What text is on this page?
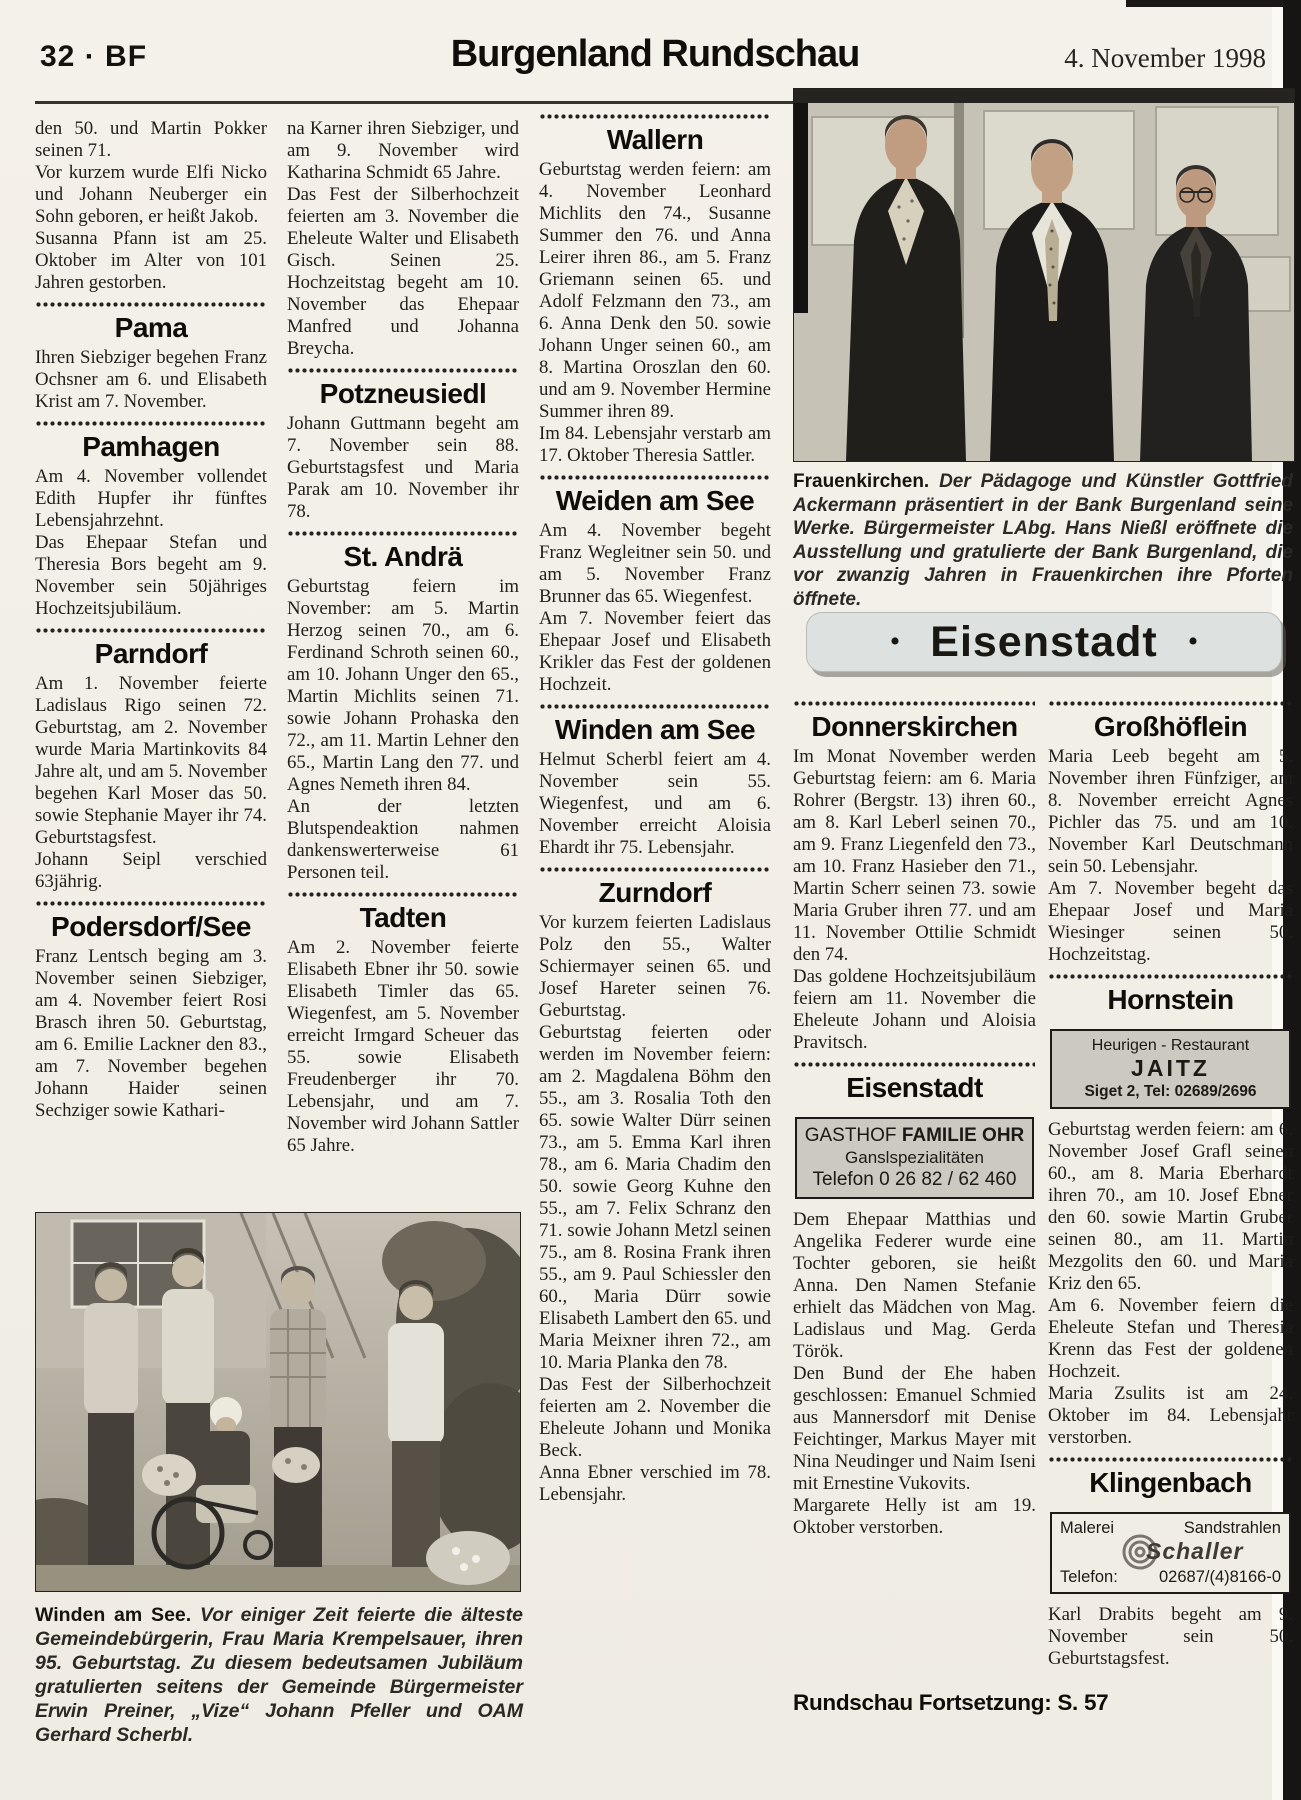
32 · BF	Burgenland Rundschau	4. November 1998

den 50. und Martin Pokker seinen 71.

Vor kurzem wurde Elfi Nicko und Johann Neuberger ein Sohn geboren, er heißt Jakob.

Susanna Pfann ist am 25. Oktober im Alter von 101 Jahren gestorben.

Pama

Ihren Siebziger begehen Franz Ochsner am 6. und Elisabeth Krist am 7. November.

Pamhagen

Am 4. November vollendet Edith Hupfer ihr fünftes Lebensjahrzehnt.

Das Ehepaar Stefan und Theresia Bors begeht am 9. November sein 50jähriges Hochzeitsjubiläum.

Parndorf

Am 1. November feierte Ladislaus Rigo seinen 72. Geburtstag, am 2. November wurde Maria Martinkovits 84 Jahre alt, und am 5. November begehen Karl Moser das 50. sowie Stephanie Mayer ihr 74. Geburtstagsfest.

Johann Seipl verschied 63jährig.

Podersdorf/See

Franz Lentsch beging am 3. November seinen Siebziger, am 4. November feiert Rosi Brasch ihren 50. Geburtstag, am 6. Emilie Lackner den 83., am 7. November begehen Johann Haider seinen Sechziger sowie Kathari-

na Karner ihren Siebziger, und am 9. November wird Katharina Schmidt 65 Jahre.

Das Fest der Silberhochzeit feierten am 3. November die Eheleute Walter und Elisabeth Gisch. Seinen 25. Hochzeitstag begeht am 10. November das Ehepaar Manfred und Johanna Breycha.

Potzneusiedl

Johann Guttmann begeht am 7. November sein 88. Geburtstagsfest und Maria Parak am 10. November ihr 78.

St. Andrä

Geburtstag feiern im November: am 5. Martin Herzog seinen 70., am 6. Ferdinand Schroth seinen 60., am 10. Johann Unger den 65., Martin Michlits seinen 71. sowie Johann Prohaska den 72., am 11. Martin Lehner den 65., Martin Lang den 77. und Agnes Nemeth ihren 84.

An der letzten Blutspendeaktion nahmen dankenswerterweise 61 Personen teil.

Tadten

Am 2. November feierte Elisabeth Ebner ihr 50. sowie Elisabeth Timler das 65. Wiegenfest, am 5. November erreicht Irmgard Scheuer das 55. sowie Elisabeth Freudenberger ihr 70. Lebensjahr, und am 7. November wird Johann Sattler 65 Jahre.

Wallern

Geburtstag werden feiern: am 4. November Leonhard Michlits den 74., Susanne Summer den 76. und Anna Leirer ihren 86., am 5. Franz Griemann seinen 65. und Adolf Felzmann den 73., am 6. Anna Denk den 50. sowie Johann Unger seinen 60., am 8. Martina Oroszlan den 60. und am 9. November Hermine Summer ihren 89.

Im 84. Lebensjahr verstarb am 17. Oktober Theresia Sattler.

Weiden am See

Am 4. November begeht Franz Wegleitner sein 50. und am 5. November Franz Brunner das 65. Wiegenfest.

Am 7. November feiert das Ehepaar Josef und Elisabeth Krikler das Fest der goldenen Hochzeit.

Winden am See

Helmut Scherbl feiert am 4. November sein 55. Wiegenfest, und am 6. November erreicht Aloisia Ehardt ihr 75. Lebensjahr.

Zurndorf

Vor kurzem feierten Ladislaus Polz den 55., Walter Schiermayer seinen 65. und Josef Hareter seinen 76. Geburtstag.

Geburtstag feierten oder werden im November feiern: am 2. Magdalena Böhm den 55., am 3. Rosalia Toth den 65. sowie Walter Dürr seinen 73., am 5. Emma Karl ihren 78., am 6. Maria Chadim den 50. sowie Georg Kuhne den 55., am 7. Felix Schranz den 71. sowie Johann Metzl seinen 75., am 8. Rosina Frank ihren 55., am 9. Paul Schiessler den 60., Maria Dürr sowie Elisabeth Lambert den 65. und Maria Meixner ihren 72., am 10. Maria Planka den 78.

Das Fest der Silberhochzeit feierten am 2. November die Eheleute Johann und Monika Beck.

Anna Ebner verschied im 78. Lebensjahr.

Frauenkirchen. Der Pädagoge und Künstler Gottfried Ackermann präsentiert in der Bank Burgenland seine Werke. Bürgermeister LAbg. Hans Nießl eröffnete die Ausstellung und gratulierte der Bank Burgenland, die vor zwanzig Jahren in Frauenkirchen ihre Pforten öffnete.

• Eisenstadt •
Donnerskirchen

Im Monat November werden Geburtstag feiern: am 6. Maria Rohrer (Bergstr. 13) ihren 60., am 8. Karl Leberl seinen 70., am 9. Franz Liegenfeld den 73., am 10. Franz Hasieber den 71., Martin Scherr seinen 73. sowie Maria Gruber ihren 77. und am 11. November Ottilie Schmidt den 74.

Das goldene Hochzeitsjubiläum feiern am 11. November die Eheleute Johann und Aloisia Pravitsch.

Eisenstadt
GASTHOF FAMILIE OHR
Ganslspezialitäten
Telefon 0 26 82 / 62 460

Dem Ehepaar Matthias und Angelika Federer wurde eine Tochter geboren, sie heißt Anna. Den Namen Stefanie erhielt das Mädchen von Mag. Ladislaus und Mag. Gerda Török.

Den Bund der Ehe haben geschlossen: Emanuel Schmied aus Mannersdorf mit Denise Feichtinger, Markus Mayer mit Nina Neudinger und Naim Iseni mit Ernestine Vukovits.

Margarete Helly ist am 19. Oktober verstorben.

Großhöflein

Maria Leeb begeht am 5. November ihren Fünfziger, am 8. November erreicht Agnes Pichler das 75. und am 10. November Karl Deutschmann sein 50. Lebensjahr.

Am 7. November begeht das Ehepaar Josef und Maria Wiesinger seinen 50. Hochzeitstag.

Hornstein
Heurigen - Restaurant
JAITZ
Siget 2, Tel: 02689/2696

Geburtstag werden feiern: am 6. November Josef Grafl seinen 60., am 8. Maria Eberhardt ihren 70., am 10. Josef Ebner den 60. sowie Martin Gruber seinen 80., am 11. Martin Mezgolits den 60. und Maria Kriz den 65.

Am 6. November feiern die Eheleute Stefan und Theresia Krenn das Fest der goldenen Hochzeit.

Maria Zsulits ist am 24. Oktober im 84. Lebensjahr verstorben.

Klingenbach
Malerei	Sandstrahlen
Schaller
Telefon: 02687/(4)8166-0

Karl Drabits begeht am 9. November sein 50. Geburtstagsfest.

Rundschau Fortsetzung: S. 57

Winden am See. Vor einiger Zeit feierte die älteste Gemeindebürgerin, Frau Maria Krempelsauer, ihren 95. Geburtstag. Zu diesem bedeutsamen Jubiläum gratulierten seitens der Gemeinde Bürgermeister Erwin Preiner, „Vize“ Johann Pfeller und OAM Gerhard Scherbl.
